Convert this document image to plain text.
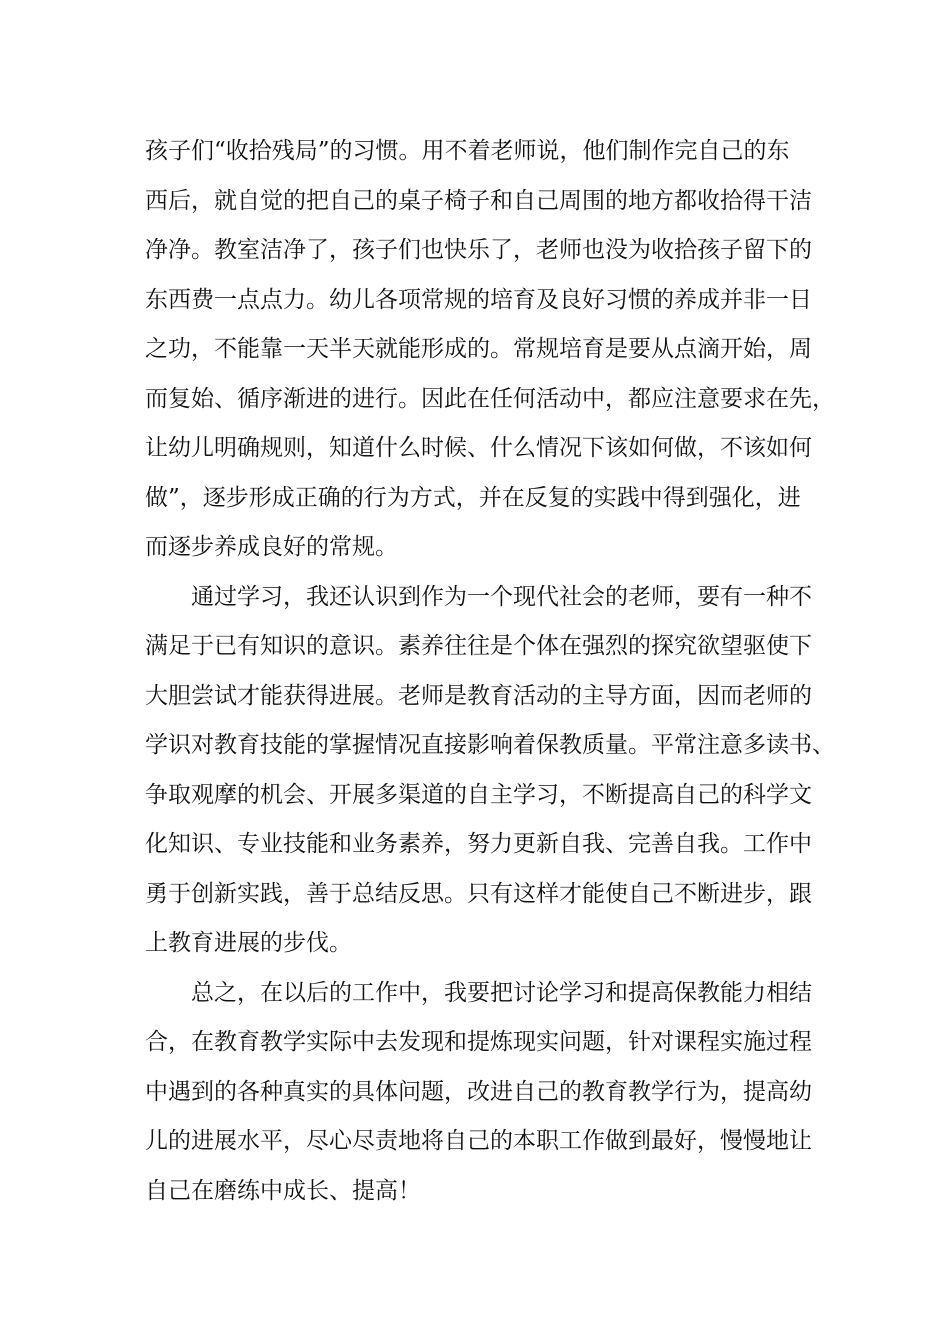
孩子们“收拾残局”的习惯。用不着老师说，他们制作完自己的东
西后，就自觉的把自己的桌子椅子和自己周围的地方都收拾得干洁
净净。教室洁净了，孩子们也快乐了，老师也没为收拾孩子留下的
东西费一点点力。幼儿各项常规的培育及良好习惯的养成并非一日
之功，不能靠一天半天就能形成的。常规培育是要从点滴开始，周
而复始、循序渐进的进行。因此在任何活动中，都应注意要求在先，
让幼儿明确规则，知道什么时候、什么情况下该如何做，不该如何
做”，逐步形成正确的行为方式，并在反复的实践中得到强化，进
而逐步养成良好的常规。
　　通过学习，我还认识到作为一个现代社会的老师，要有一种不
满足于已有知识的意识。素养往往是个体在强烈的探究欲望驱使下
大胆尝试才能获得进展。老师是教育活动的主导方面，因而老师的
学识对教育技能的掌握情况直接影响着保教质量。平常注意多读书、
争取观摩的机会、开展多渠道的自主学习，不断提高自己的科学文
化知识、专业技能和业务素养，努力更新自我、完善自我。工作中
勇于创新实践，善于总结反思。只有这样才能使自己不断进步，跟
上教育进展的步伐。
　　总之，在以后的工作中，我要把讨论学习和提高保教能力相结
合，在教育教学实际中去发现和提炼现实问题，针对课程实施过程
中遇到的各种真实的具体问题，改进自己的教育教学行为，提高幼
儿的进展水平，尽心尽责地将自己的本职工作做到最好，慢慢地让
自己在磨练中成长、提高！
